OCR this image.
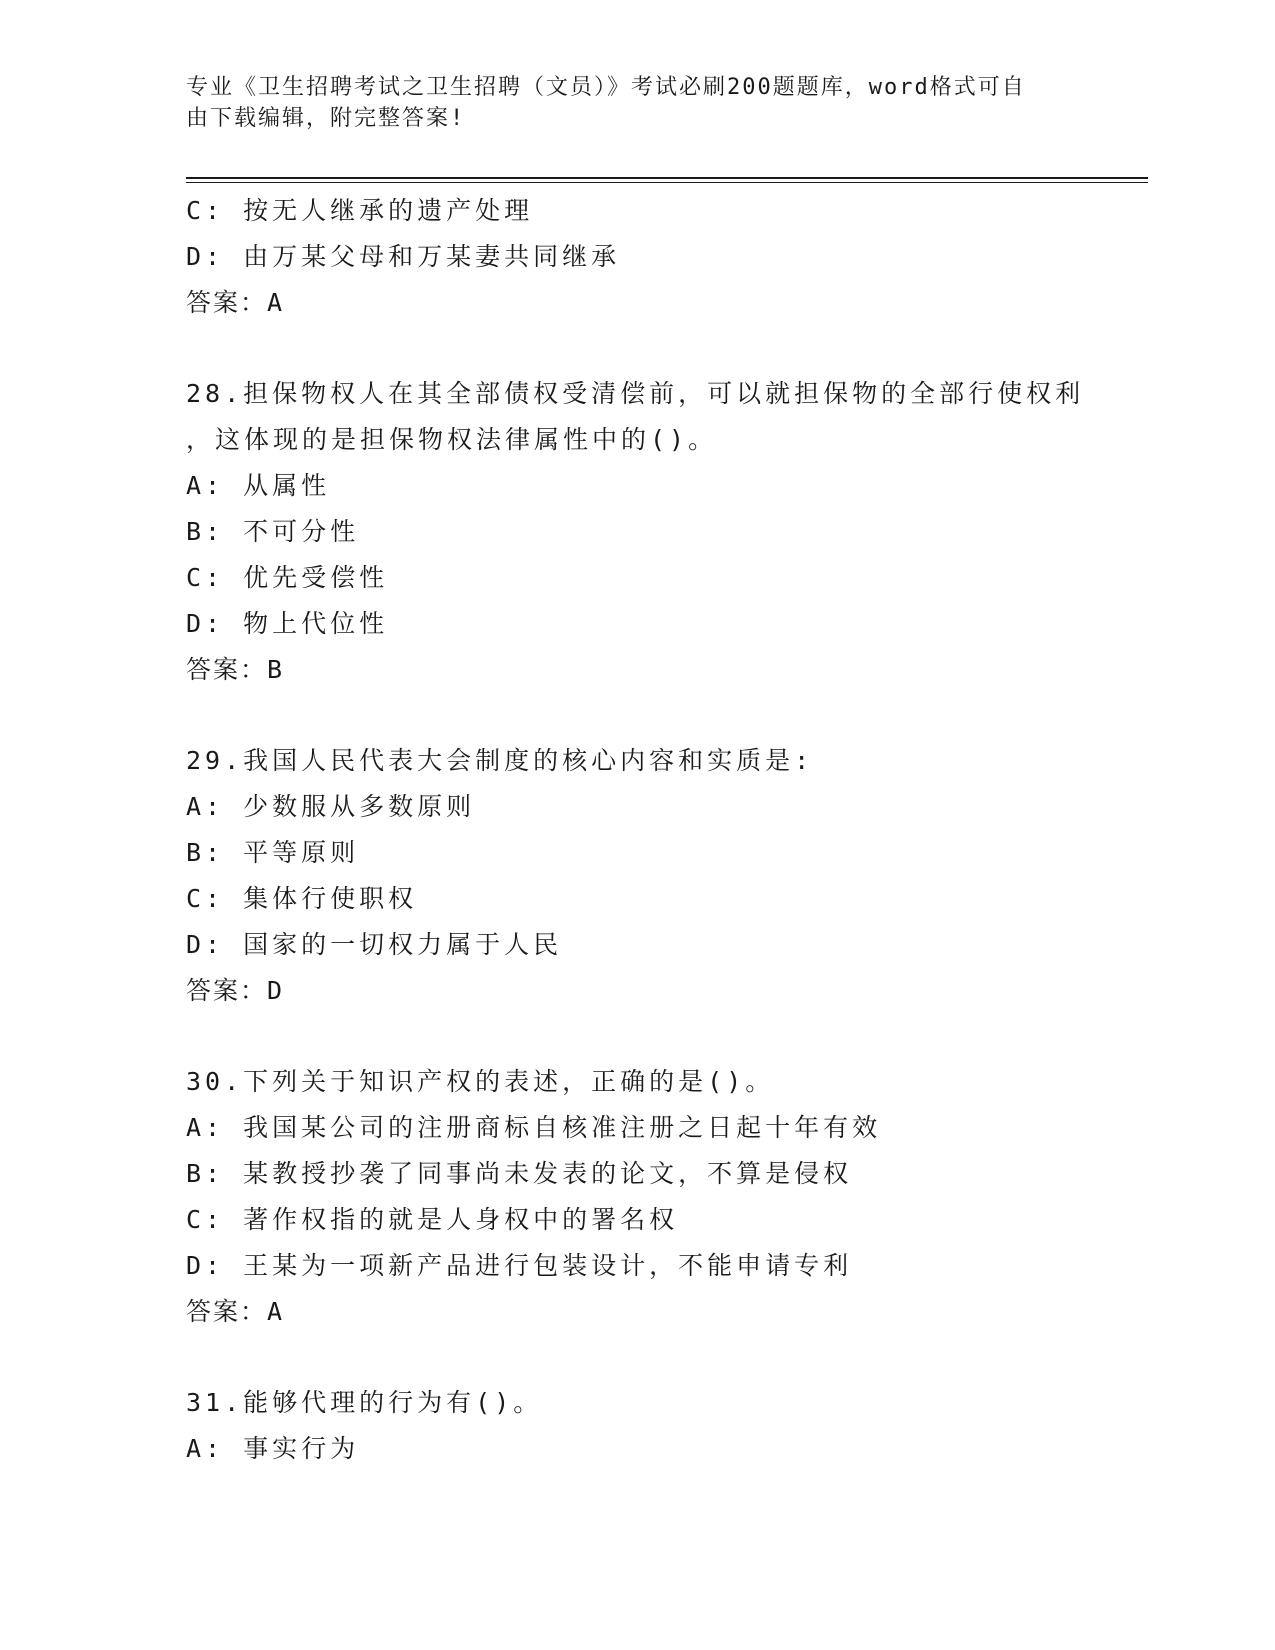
专业《卫生招聘考试之卫生招聘（文员）》考试必刷200题题库，word格式可自
由下载编辑，附完整答案!
C: 按无人继承的遗产处理
D: 由万某父母和万某妻共同继承
答案：A
28.担保物权人在其全部债权受清偿前，可以就担保物的全部行使权利
，这体现的是担保物权法律属性中的()。
A: 从属性
B: 不可分性
C: 优先受偿性
D: 物上代位性
答案：B
29.我国人民代表大会制度的核心内容和实质是:
A: 少数服从多数原则
B: 平等原则
C: 集体行使职权
D: 国家的一切权力属于人民
答案：D
30.下列关于知识产权的表述，正确的是()。
A: 我国某公司的注册商标自核准注册之日起十年有效
B: 某教授抄袭了同事尚未发表的论文，不算是侵权
C: 著作权指的就是人身权中的署名权
D: 王某为一项新产品进行包装设计，不能申请专利
答案：A
31.能够代理的行为有()。
A: 事实行为
